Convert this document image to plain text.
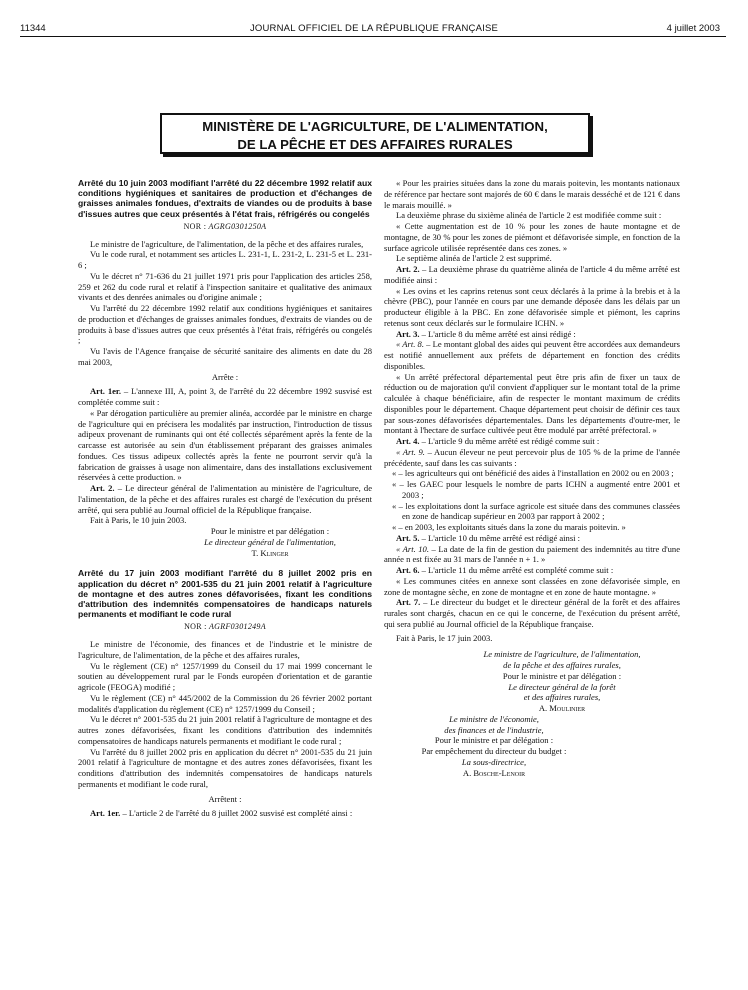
11344	JOURNAL OFFICIEL DE LA RÉPUBLIQUE FRANÇAISE	4 juillet 2003
MINISTÈRE DE L'AGRICULTURE, DE L'ALIMENTATION,
DE LA PÊCHE ET DES AFFAIRES RURALES

Arrêté du 10 juin 2003 modifiant l'arrêté du 22 décembre 1992 relatif aux conditions hygiéniques et sanitaires de production et d'échanges de graisses animales fondues, d'extraits de viandes ou de produits à base d'issues autres que ceux présentés à l'état frais, réfrigérés ou congelés

NOR : AGRG0301250A

Le ministre de l'agriculture, de l'alimentation, de la pêche et des affaires rurales,

Vu le code rural, et notamment ses articles L. 231-1, L. 231-2, L. 231-5 et L. 231-6 ;

Vu le décret n° 71-636 du 21 juillet 1971 pris pour l'application des articles 258, 259 et 262 du code rural et relatif à l'inspection sanitaire et qualitative des animaux vivants et des denrées animales ou d'origine animale ;

Vu l'arrêté du 22 décembre 1992 relatif aux conditions hygiéniques et sanitaires de production et d'échanges de graisses animales fondues, d'extraits de viandes ou de produits à base d'issues autres que ceux présentés à l'état frais, réfrigérés ou congelés ;

Vu l'avis de l'Agence française de sécurité sanitaire des aliments en date du 28 mai 2003,

Arrête :

Art. 1er. – L'annexe III, A, point 3, de l'arrêté du 22 décembre 1992 susvisé est complétée comme suit :

« Par dérogation particulière au premier alinéa, accordée par le ministre en charge de l'agriculture qui en précisera les modalités par instruction, l'introduction de tissus adipeux provenant de ruminants qui ont été collectés séparément après la fente de la carcasse est autorisée au sein d'un établissement préparant des graisses animales fondues. Ces tissus adipeux collectés après la fente ne pourront servir qu'à la fabrication de graisses à usage non alimentaire, dans des installations exclusivement réservées à cette production. »

Art. 2. – Le directeur général de l'alimentation au ministère de l'agriculture, de l'alimentation, de la pêche et des affaires rurales est chargé de l'exécution du présent arrêté, qui sera publié au Journal officiel de la République française.

Fait à Paris, le 10 juin 2003.

Pour le ministre et par délégation :

Le directeur général de l'alimentation,

T. Klinger

Arrêté du 17 juin 2003 modifiant l'arrêté du 8 juillet 2002 pris en application du décret n° 2001-535 du 21 juin 2001 relatif à l'agriculture de montagne et des autres zones défavorisées, fixant les conditions d'attribution des indemnités compensatoires de handicaps naturels permanents et modifiant le code rural

NOR : AGRF0301249A

Le ministre de l'économie, des finances et de l'industrie et le ministre de l'agriculture, de l'alimentation, de la pêche et des affaires rurales,

Vu le règlement (CE) n° 1257/1999 du Conseil du 17 mai 1999 concernant le soutien au développement rural par le Fonds européen d'orientation et de garantie agricole (FEOGA) modifié ;

Vu le règlement (CE) n° 445/2002 de la Commission du 26 février 2002 portant modalités d'application du règlement (CE) n° 1257/1999 du Conseil ;

Vu le décret n° 2001-535 du 21 juin 2001 relatif à l'agriculture de montagne et des autres zones défavorisées, fixant les conditions d'attribution des indemnités compensatoires de handicaps naturels permanents et modifiant le code rural ;

Vu l'arrêté du 8 juillet 2002 pris en application du décret n° 2001-535 du 21 juin 2001 relatif à l'agriculture de montagne et des autres zones défavorisées, fixant les conditions d'attribution des indemnités compensatoires de handicaps naturels permanents et modifiant le code rural,

Arrêtent :

Art. 1er. – L'article 2 de l'arrêté du 8 juillet 2002 susvisé est complété ainsi :

« Pour les prairies situées dans la zone du marais poitevin, les montants nationaux de référence par hectare sont majorés de 60 € dans le marais desséché et de 121 € dans le marais mouillé. »

La deuxième phrase du sixième alinéa de l'article 2 est modifiée comme suit :

« Cette augmentation est de 10 % pour les zones de haute montagne et de montagne, de 30 % pour les zones de piémont et défavorisée simple, en fonction de la surface agricole utilisée représentée dans ces zones. »

Le septième alinéa de l'article 2 est supprimé.

Art. 2. – La deuxième phrase du quatrième alinéa de l'article 4 du même arrêté est modifiée ainsi :

« Les ovins et les caprins retenus sont ceux déclarés à la prime à la brebis et à la chèvre (PBC), pour l'année en cours par une demande déposée dans les délais par un producteur éligible à la PBC. En zone défavorisée simple et piémont, les caprins retenus sont ceux déclarés sur le formulaire ICHN. »

Art. 3. – L'article 8 du même arrêté est ainsi rédigé :

« Art. 8. – Le montant global des aides qui peuvent être accordées aux demandeurs est notifié annuellement aux préfets de département en fonction des crédits disponibles.

« Un arrêté préfectoral départemental peut être pris afin de fixer un taux de réduction ou de majoration qu'il convient d'appliquer sur le montant total de la prime calculée à chaque bénéficiaire, afin de respecter le montant maximum de crédits disponibles pour le département. Chaque département peut choisir de définir ces taux par sous-zones défavorisées départementales. Dans les départements d'outre-mer, le montant à l'hectare de surface cultivée peut être modulé par arrêté préfectoral. »

Art. 4. – L'article 9 du même arrêté est rédigé comme suit :

« Art. 9. – Aucun éleveur ne peut percevoir plus de 105 % de la prime de l'année précédente, sauf dans les cas suivants :

« – les agriculteurs qui ont bénéficié des aides à l'installation en 2002 ou en 2003 ;

« – les GAEC pour lesquels le nombre de parts ICHN a augmenté entre 2001 et 2003 ;

« – les exploitations dont la surface agricole est située dans des communes classées en zone de handicap supérieur en 2003 par rapport à 2002 ;

« – en 2003, les exploitants situés dans la zone du marais poitevin. »

Art. 5. – L'article 10 du même arrêté est rédigé ainsi :

« Art. 10. – La date de la fin de gestion du paiement des indemnités au titre d'une année n est fixée au 31 mars de l'année n + 1. »

Art. 6. – L'article 11 du même arrêté est complété comme suit :

« Les communes citées en annexe sont classées en zone défavorisée simple, en zone de montagne sèche, en zone de montagne et en zone de haute montagne. »

Art. 7. – Le directeur du budget et le directeur général de la forêt et des affaires rurales sont chargés, chacun en ce qui le concerne, de l'exécution du présent arrêté, qui sera publié au Journal officiel de la République française.

Fait à Paris, le 17 juin 2003.

Le ministre de l'agriculture, de l'alimentation,

de la pêche et des affaires rurales,

Pour le ministre et par délégation :

Le directeur général de la forêt

et des affaires rurales,

A. Moulinier

Le ministre de l'économie,

des finances et de l'industrie,

Pour le ministre et par délégation :

Par empêchement du directeur du budget :

La sous-directrice,

A. Bosche-Lenoir
